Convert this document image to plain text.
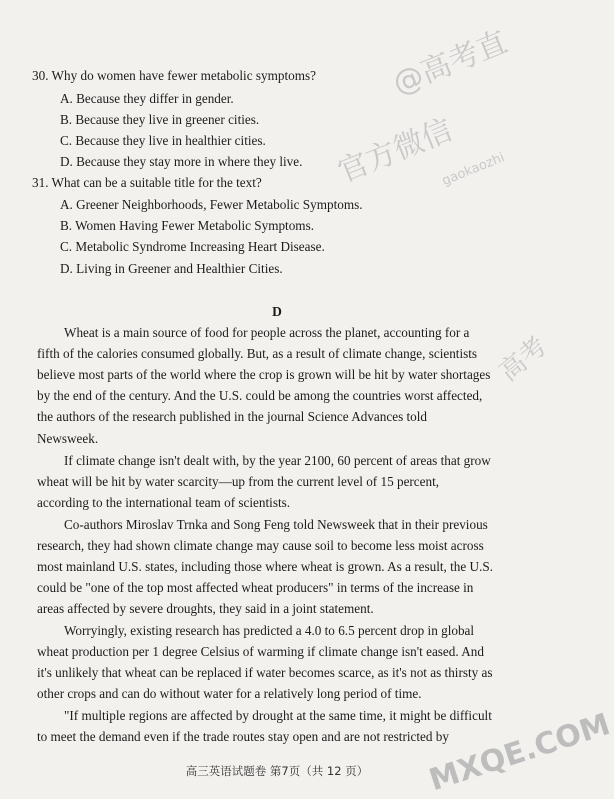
@高考直
官方微信
gaokaozhi
高考
MXQE.COM
30. Why do women have fewer metabolic symptoms?
A. Because they differ in gender.
B. Because they live in greener cities.
C. Because they live in healthier cities.
D. Because they stay more in where they live.
31. What can be a suitable title for the text?
A. Greener Neighborhoods, Fewer Metabolic Symptoms.
B. Women Having Fewer Metabolic Symptoms.
C. Metabolic Syndrome Increasing Heart Disease.
D. Living in Greener and Healthier Cities.
D
Wheat is a main source of food for people across the planet, accounting for a
fifth of the calories consumed globally. But, as a result of climate change, scientists
believe most parts of the world where the crop is grown will be hit by water shortages
by the end of the century. And the U.S. could be among the countries worst affected,
the authors of the research published in the journal Science Advances told
Newsweek.
If climate change isn't dealt with, by the year 2100, 60 percent of areas that grow
wheat will be hit by water scarcity—up from the current level of 15 percent,
according to the international team of scientists.
Co-authors Miroslav Trnka and Song Feng told Newsweek that in their previous
research, they had shown climate change may cause soil to become less moist across
most mainland U.S. states, including those where wheat is grown. As a result, the U.S.
could be "one of the top most affected wheat producers" in terms of the increase in
areas affected by severe droughts, they said in a joint statement.
Worryingly, existing research has predicted a 4.0 to 6.5 percent drop in global
wheat production per 1 degree Celsius of warming if climate change isn't eased. And
it's unlikely that wheat can be replaced if water becomes scarce, as it's not as thirsty as
other crops and can do without water for a relatively long period of time.
"If multiple regions are affected by drought at the same time, it might be difficult
to meet the demand even if the trade routes stay open and are not restricted by
高三英语试题卷 第7页（共 12 页）
